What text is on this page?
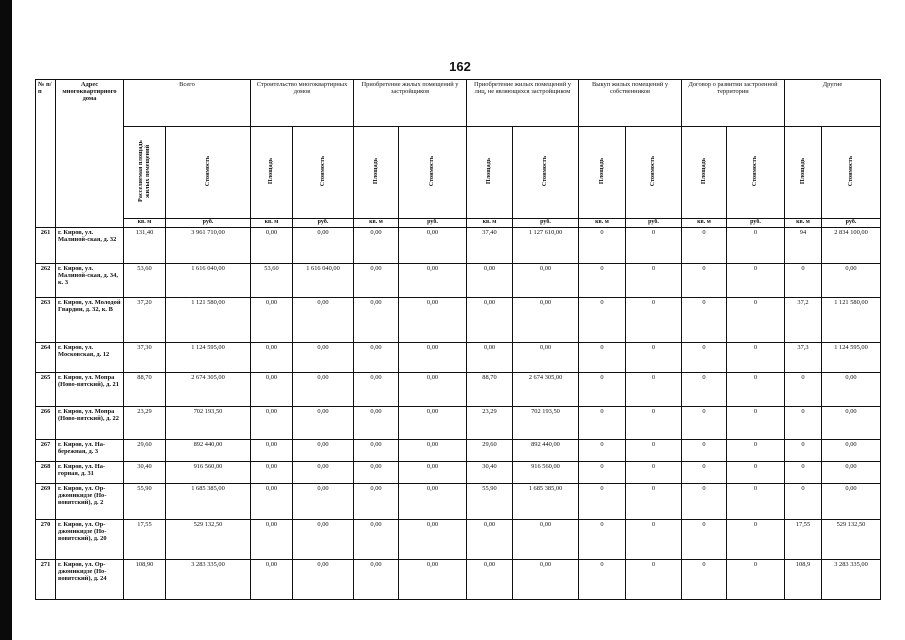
162
№ п/п	Адрес многоквартирного дома	Всего		Строительство многоквартирных домов		Приобретение жилых помещений у застройщиков		Приобретение жилых помещений у лиц, не являющихся застройщиком		Выкуп жилых помещений у собственников		Договор о развитии застроенной территории		Другие	
		Расселяемая площадь жилых помещений	Стоимость	Площадь	Стоимость	Площадь	Стоимость	Площадь	Стоимость	Площадь	Стоимость	Площадь	Стоимость	Площадь	Стоимость
		кв. м	руб.	кв. м	руб.	кв. м	руб.	кв. м	руб.	кв. м	руб.	кв. м	руб.	кв. м	руб.
261	г. Киров, ул. Малиной-ская, д. 32	131,40	3 961 710,00	0,00	0,00	0,00	0,00	37,40	1 127 610,00	0	0	0	0	94	2 834 100,00
262	г. Киров, ул. Малиной-ская, д. 34, к. 3	53,60	1 616 040,00	53,60	1 616 040,00	0,00	0,00	0,00	0,00	0	0	0	0	0	0,00
263	г. Киров, ул. Молодой Гвардии, д. 32, к. В	37,20	1 121 580,00	0,00	0,00	0,00	0,00	0,00	0,00	0	0	0	0	37,2	1 121 580,00
264	г. Киров, ул. Московская, д. 12	37,30	1 124 595,00	0,00	0,00	0,00	0,00	0,00	0,00	0	0	0	0	37,3	1 124 595,00
265	г. Киров, ул. Мопра (Ново-вятский), д. 21	88,70	2 674 305,00	0,00	0,00	0,00	0,00	88,70	2 674 305,00	0	0	0	0	0	0,00
266	г. Киров, ул. Мопра (Ново-вятский), д. 22	23,29	702 193,50	0,00	0,00	0,00	0,00	23,29	702 193,50	0	0	0	0	0	0,00
267	г. Киров, ул. На-бережная, д. 3	29,60	892 440,00	0,00	0,00	0,00	0,00	29,60	892 440,00	0	0	0	0	0	0,00
268	г. Киров, ул. На-горная, д. 31	30,40	916 560,00	0,00	0,00	0,00	0,00	30,40	916 560,00	0	0	0	0	0	0,00
269	г. Киров, ул. Ор-джоникидзе (Но-вовятский), д. 2	55,90	1 685 385,00	0,00	0,00	0,00	0,00	55,90	1 685 385,00	0	0	0	0	0	0,00
270	г. Киров, ул. Ор-джоникидзе (Но-вовятский), д. 20	17,55	529 132,50	0,00	0,00	0,00	0,00	0,00	0,00	0	0	0	0	17,55	529 132,50
271	г. Киров, ул. Ор-джоникидзе (Но-вовятский), д. 24	108,90	3 283 335,00	0,00	0,00	0,00	0,00	0,00	0,00	0	0	0	0	108,9	3 283 335,00
